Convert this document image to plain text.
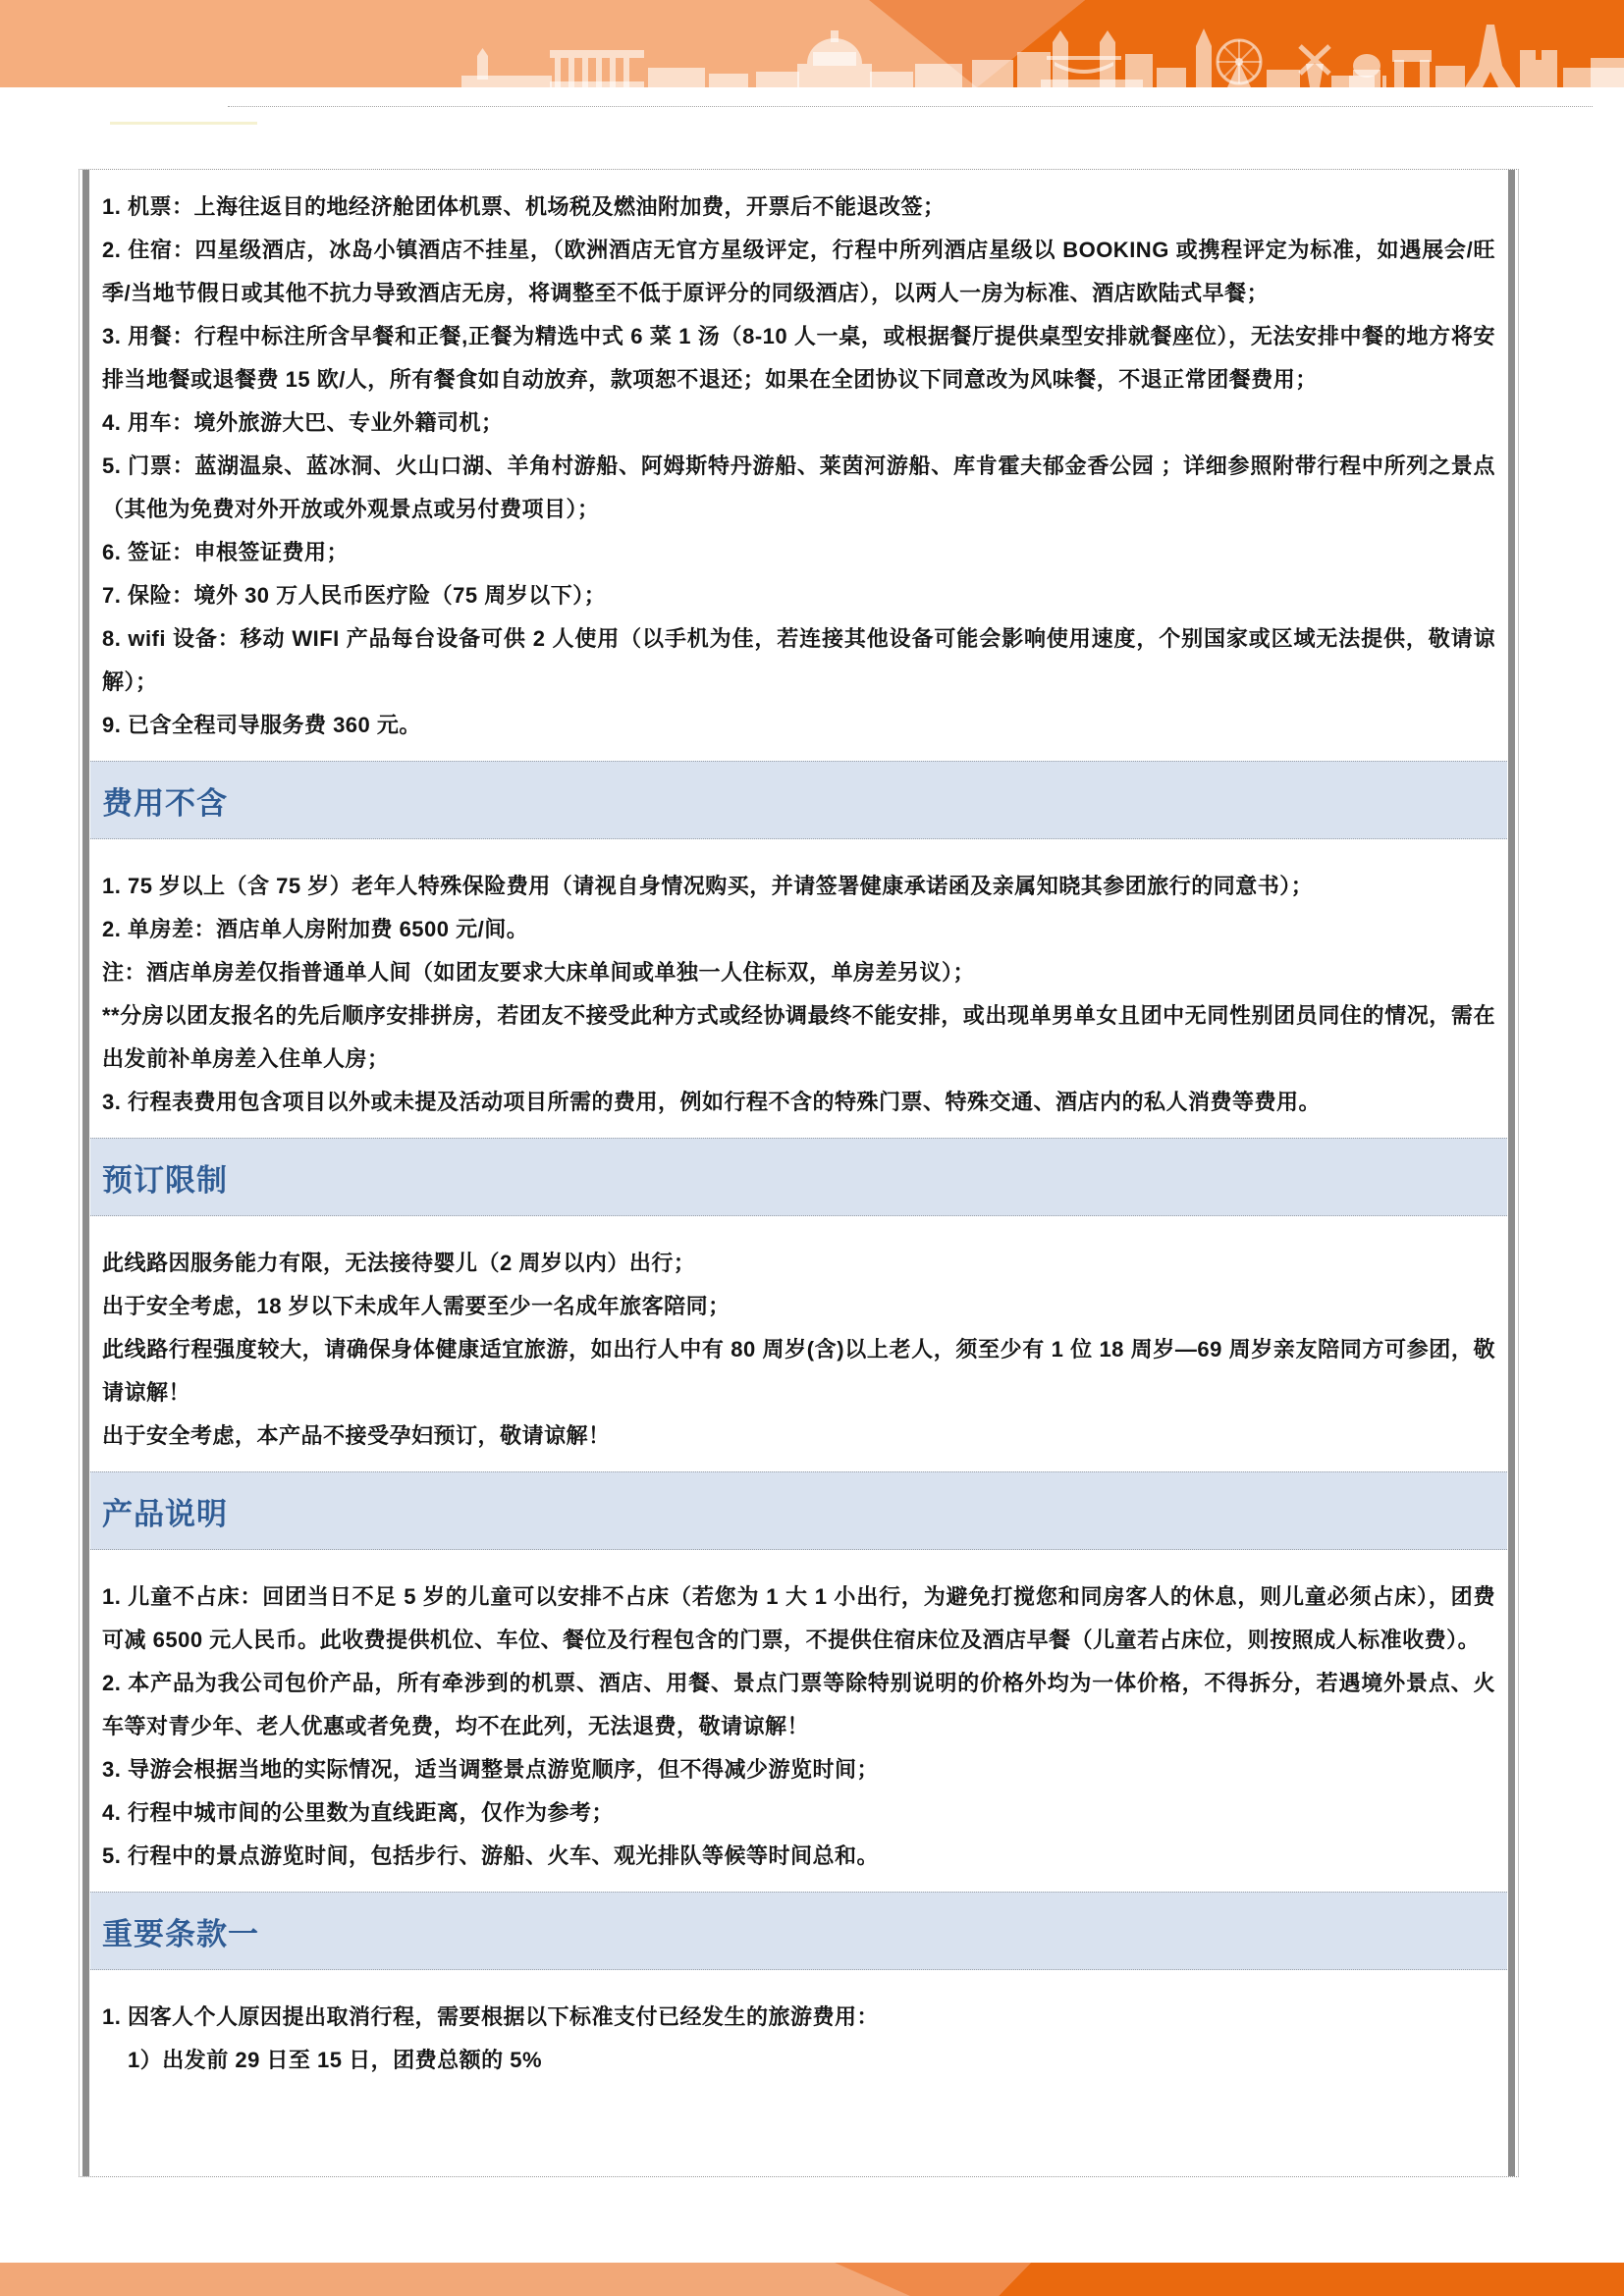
1. 机票：上海往返目的地经济舱团体机票、机场税及燃油附加费，开票后不能退改签；

2. 住宿：四星级酒店，冰岛小镇酒店不挂星，（欧洲酒店无官方星级评定，行程中所列酒店星级以 BOOKING 或携程评定为标准，如遇展会/旺季/当地节假日或其他不抗力导致酒店无房，将调整至不低于原评分的同级酒店），以两人一房为标准、酒店欧陆式早餐；

3. 用餐：行程中标注所含早餐和正餐,正餐为精选中式 6 菜 1 汤（8-10 人一桌，或根据餐厅提供桌型安排就餐座位），无法安排中餐的地方将安排当地餐或退餐费 15 欧/人，所有餐食如自动放弃，款项恕不退还；如果在全团协议下同意改为风味餐，不退正常团餐费用；

4. 用车：境外旅游大巴、专业外籍司机；

5. 门票：蓝湖温泉、蓝冰洞、火山口湖、羊角村游船、阿姆斯特丹游船、莱茵河游船、库肯霍夫郁金香公园 ；详细参照附带行程中所列之景点（其他为免费对外开放或外观景点或另付费项目）；

6. 签证：申根签证费用；

7. 保险：境外 30 万人民币医疗险（75 周岁以下）；

8. wifi 设备：移动 WIFI 产品每台设备可供 2 人使用（以手机为佳，若连接其他设备可能会影响使用速度，个别国家或区域无法提供，敬请谅解）；

9. 已含全程司导服务费 360 元。

费用不含

1. 75 岁以上（含 75 岁）老年人特殊保险费用（请视自身情况购买，并请签署健康承诺函及亲属知晓其参团旅行的同意书）；

2. 单房差：酒店单人房附加费 6500 元/间。

注：酒店单房差仅指普通单人间（如团友要求大床单间或单独一人住标双，单房差另议）；

**分房以团友报名的先后顺序安排拼房，若团友不接受此种方式或经协调最终不能安排，或出现单男单女且团中无同性别团员同住的情况，需在出发前补单房差入住单人房；

3. 行程表费用包含项目以外或未提及活动项目所需的费用，例如行程不含的特殊门票、特殊交通、酒店内的私人消费等费用。

预订限制

此线路因服务能力有限，无法接待婴儿（2 周岁以内）出行；

出于安全考虑，18 岁以下未成年人需要至少一名成年旅客陪同；

此线路行程强度较大，请确保身体健康适宜旅游，如出行人中有 80 周岁(含)以上老人，须至少有 1 位 18 周岁—69 周岁亲友陪同方可参团，敬请谅解！

出于安全考虑，本产品不接受孕妇预订，敬请谅解！

产品说明

1. 儿童不占床：回团当日不足 5 岁的儿童可以安排不占床（若您为 1 大 1 小出行，为避免打搅您和同房客人的休息，则儿童必须占床），团费可减 6500 元人民币。此收费提供机位、车位、餐位及行程包含的门票，不提供住宿床位及酒店早餐（儿童若占床位，则按照成人标准收费）。

2. 本产品为我公司包价产品，所有牵涉到的机票、酒店、用餐、景点门票等除特别说明的价格外均为一体价格，不得拆分，若遇境外景点、火车等对青少年、老人优惠或者免费，均不在此列，无法退费，敬请谅解！

3. 导游会根据当地的实际情况，适当调整景点游览顺序，但不得减少游览时间；

4. 行程中城市间的公里数为直线距离，仅作为参考；

5. 行程中的景点游览时间，包括步行、游船、火车、观光排队等候等时间总和。

重要条款一

1. 因客人个人原因提出取消行程，需要根据以下标准支付已经发生的旅游费用：

1）出发前 29 日至 15 日，团费总额的 5%
